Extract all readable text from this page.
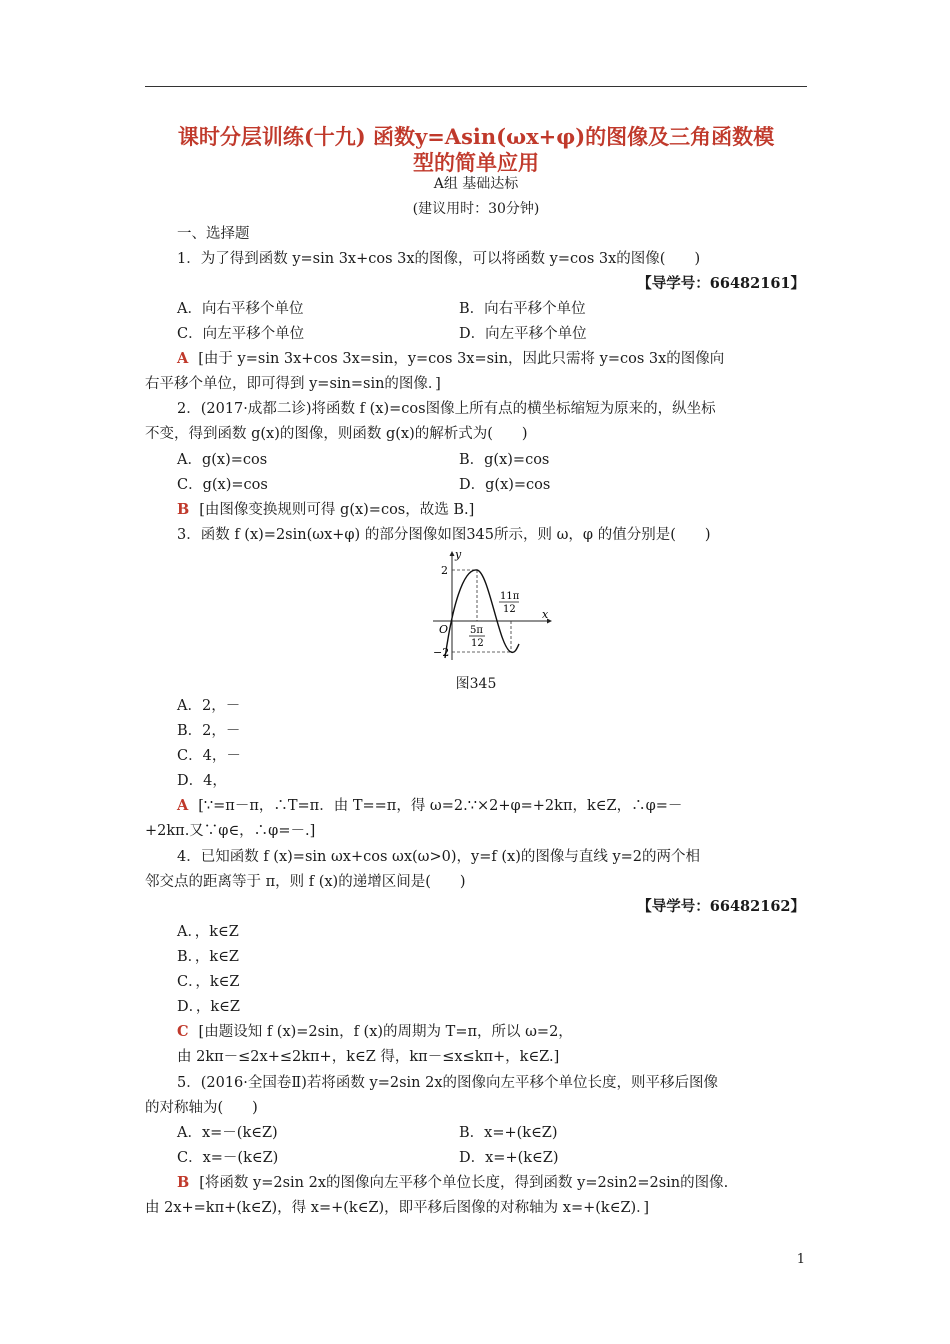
课时分层训练(十九) 函数y=Asin(ωx+φ)的图像及三角函数模
型的简单应用
A组 基础达标
(建议用时：30分钟)
一、选择题
1．为了得到函数 y=sin 3x+cos 3x的图像，可以将函数 y=cos 3x的图像(　　)
【导学号：66482161】
A．向右平移个单位	B．向右平移个单位
C．向左平移个单位	D．向左平移个单位
A [由于 y=sin 3x+cos 3x=sin，y=cos 3x=sin，因此只需将 y=cos 3x的图像向
右平移个单位，即可得到 y=sin=sin的图像．]
2．(2017·成都二诊)将函数 f (x)=cos图像上所有点的横坐标缩短为原来的，纵坐标
不变，得到函数 g(x)的图像，则函数 g(x)的解析式为(　　)
A．g(x)=cos	B．g(x)=cos
C．g(x)=cos	D．g(x)=cos
B [由图像变换规则可得 g(x)=cos，故选 B.]
3．函数 f (x)=2sin(ωx+φ) 的部分图像如图345所示，则 ω，φ 的值分别是(　　)
y
x
O
2
−2
5π
12
11π
12
图345
A．2，－
B．2，－
C．4，－
D．4，
A [∵=π－π，∴T=π．由 T==π，得 ω=2.∵×2+φ=+2kπ，k∈Z，∴φ=－
+2kπ.又∵φ∈，∴φ=－.]
4．已知函数 f (x)=sin ωx+cos ωx(ω>0)，y=f (x)的图像与直线 y=2的两个相
邻交点的距离等于 π，则 f (x)的递增区间是(　　)
【导学号：66482162】
A．，k∈Z
B．，k∈Z
C．，k∈Z
D．，k∈Z
C [由题设知 f (x)=2sin，f (x)的周期为 T=π，所以 ω=2，
由 2kπ－≤2x+≤2kπ+，k∈Z 得，kπ－≤x≤kπ+，k∈Z.]
5．(2016·全国卷Ⅱ)若将函数 y=2sin 2x的图像向左平移个单位长度，则平移后图像
的对称轴为(　　)
A．x=－(k∈Z)	B．x=+(k∈Z)
C．x=－(k∈Z)	D．x=+(k∈Z)
B [将函数 y=2sin 2x的图像向左平移个单位长度，得到函数 y=2sin2=2sin的图像.
由 2x+=kπ+(k∈Z)，得 x=+(k∈Z)，即平移后图像的对称轴为 x=+(k∈Z)．]
1
